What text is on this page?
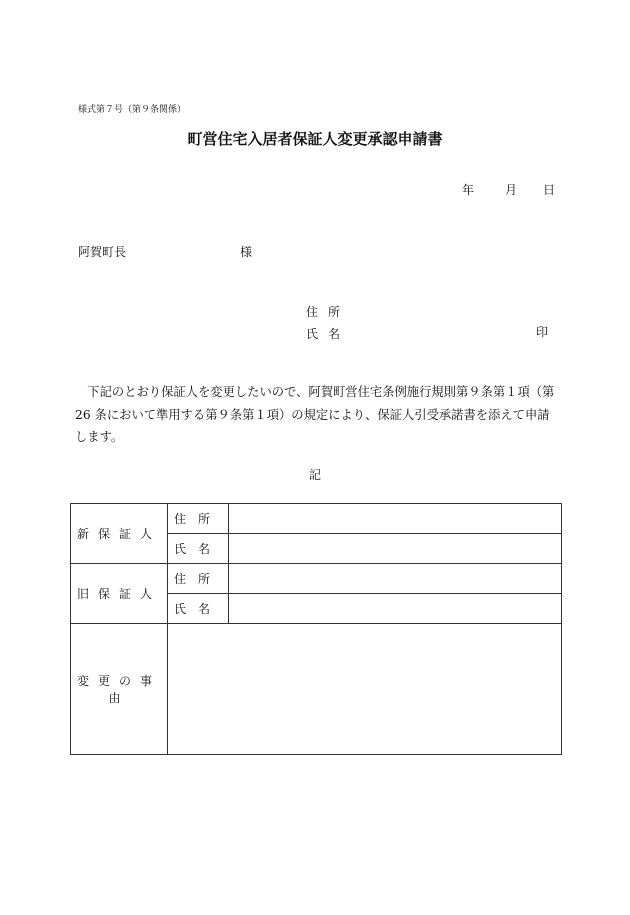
様式第７号（第９条関係）
町営住宅入居者保証人変更承認申請書
年	月 日
阿賀町長	様
住所
氏名	印
下記のとおり保証人を変更したいので、阿賀町営住宅条例施行規則第９条第１項（第 26 条において準用する第９条第１項）の規定により、保証人引受承諾書を添えて申請します。
記
新保証人	住所	
	氏名	
旧保証人	住所	
	氏名	
変更の事由		
